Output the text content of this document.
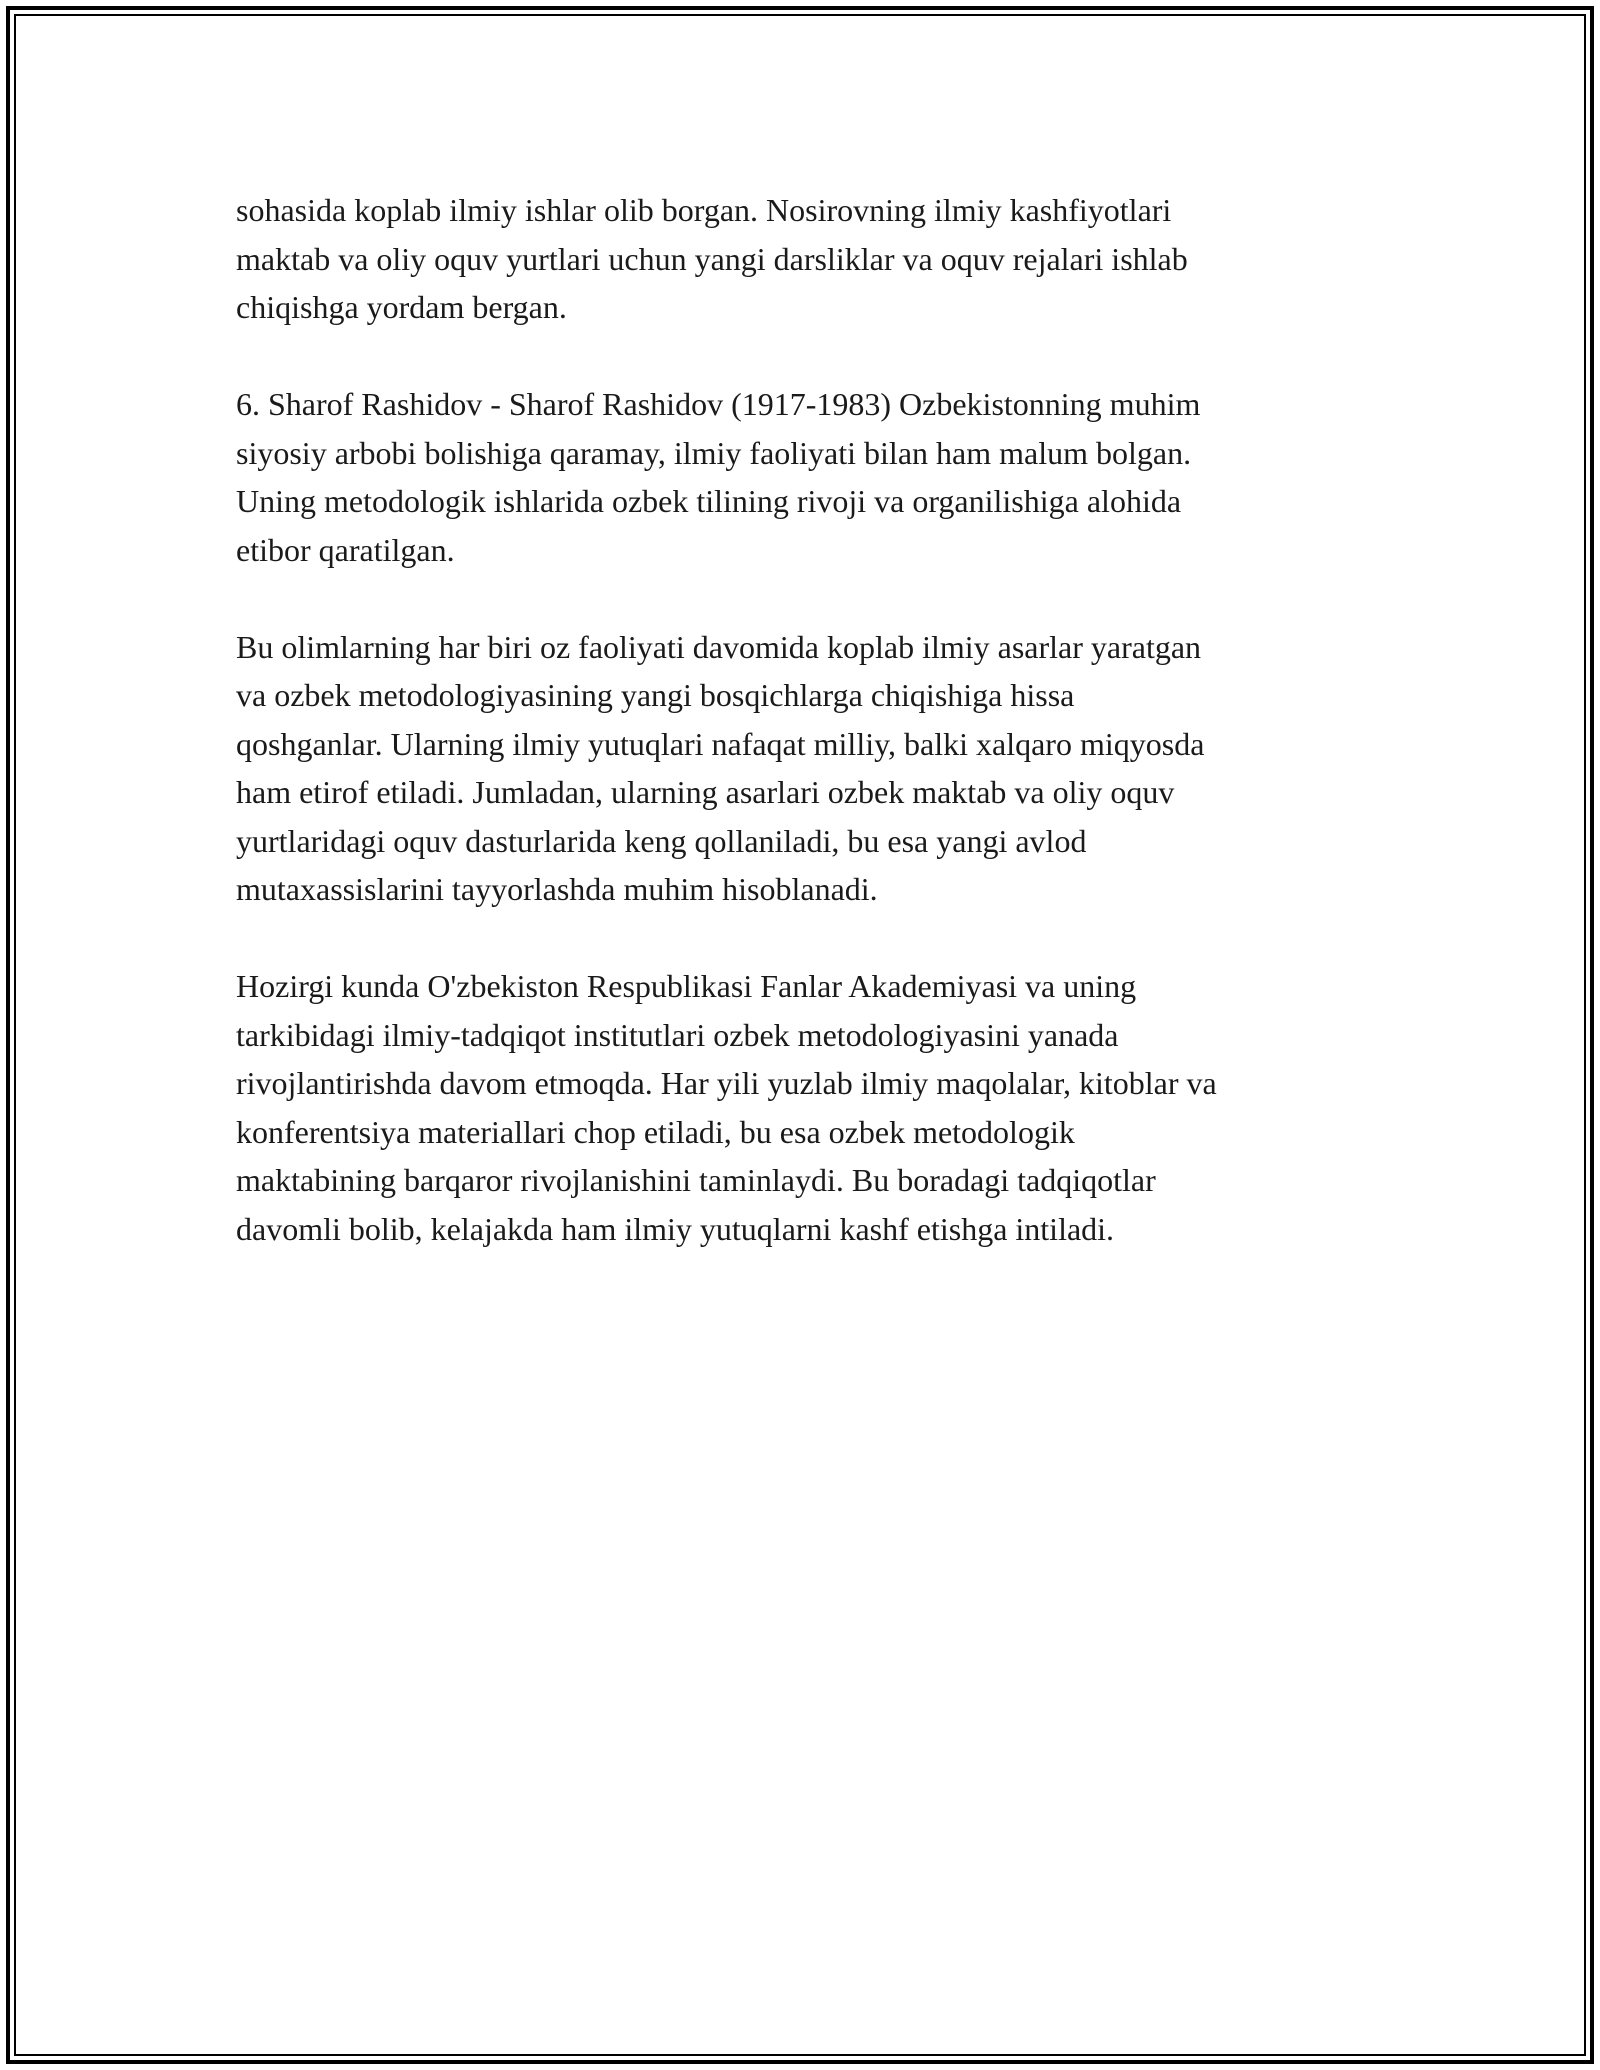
sohasida koplab ilmiy ishlar olib borgan. Nosirovning ilmiy kashfiyotlari
maktab va oliy oquv yurtlari uchun yangi darsliklar va oquv rejalari ishlab
chiqishga yordam bergan.

6. Sharof Rashidov - Sharof Rashidov (1917-1983) Ozbekistonning muhim
siyosiy arbobi bolishiga qaramay, ilmiy faoliyati bilan ham malum bolgan.
Uning metodologik ishlarida ozbek tilining rivoji va organilishiga alohida
etibor qaratilgan.

Bu olimlarning har biri oz faoliyati davomida koplab ilmiy asarlar yaratgan
va ozbek metodologiyasining yangi bosqichlarga chiqishiga hissa
qoshganlar. Ularning ilmiy yutuqlari nafaqat milliy, balki xalqaro miqyosda
ham etirof etiladi. Jumladan, ularning asarlari ozbek maktab va oliy oquv
yurtlaridagi oquv dasturlarida keng qollaniladi, bu esa yangi avlod
mutaxassislarini tayyorlashda muhim hisoblanadi.

Hozirgi kunda O'zbekiston Respublikasi Fanlar Akademiyasi va uning
tarkibidagi ilmiy-tadqiqot institutlari ozbek metodologiyasini yanada
rivojlantirishda davom etmoqda. Har yili yuzlab ilmiy maqolalar, kitoblar va
konferentsiya materiallari chop etiladi, bu esa ozbek metodologik
maktabining barqaror rivojlanishini taminlaydi. Bu boradagi tadqiqotlar
davomli bolib, kelajakda ham ilmiy yutuqlarni kashf etishga intiladi.
